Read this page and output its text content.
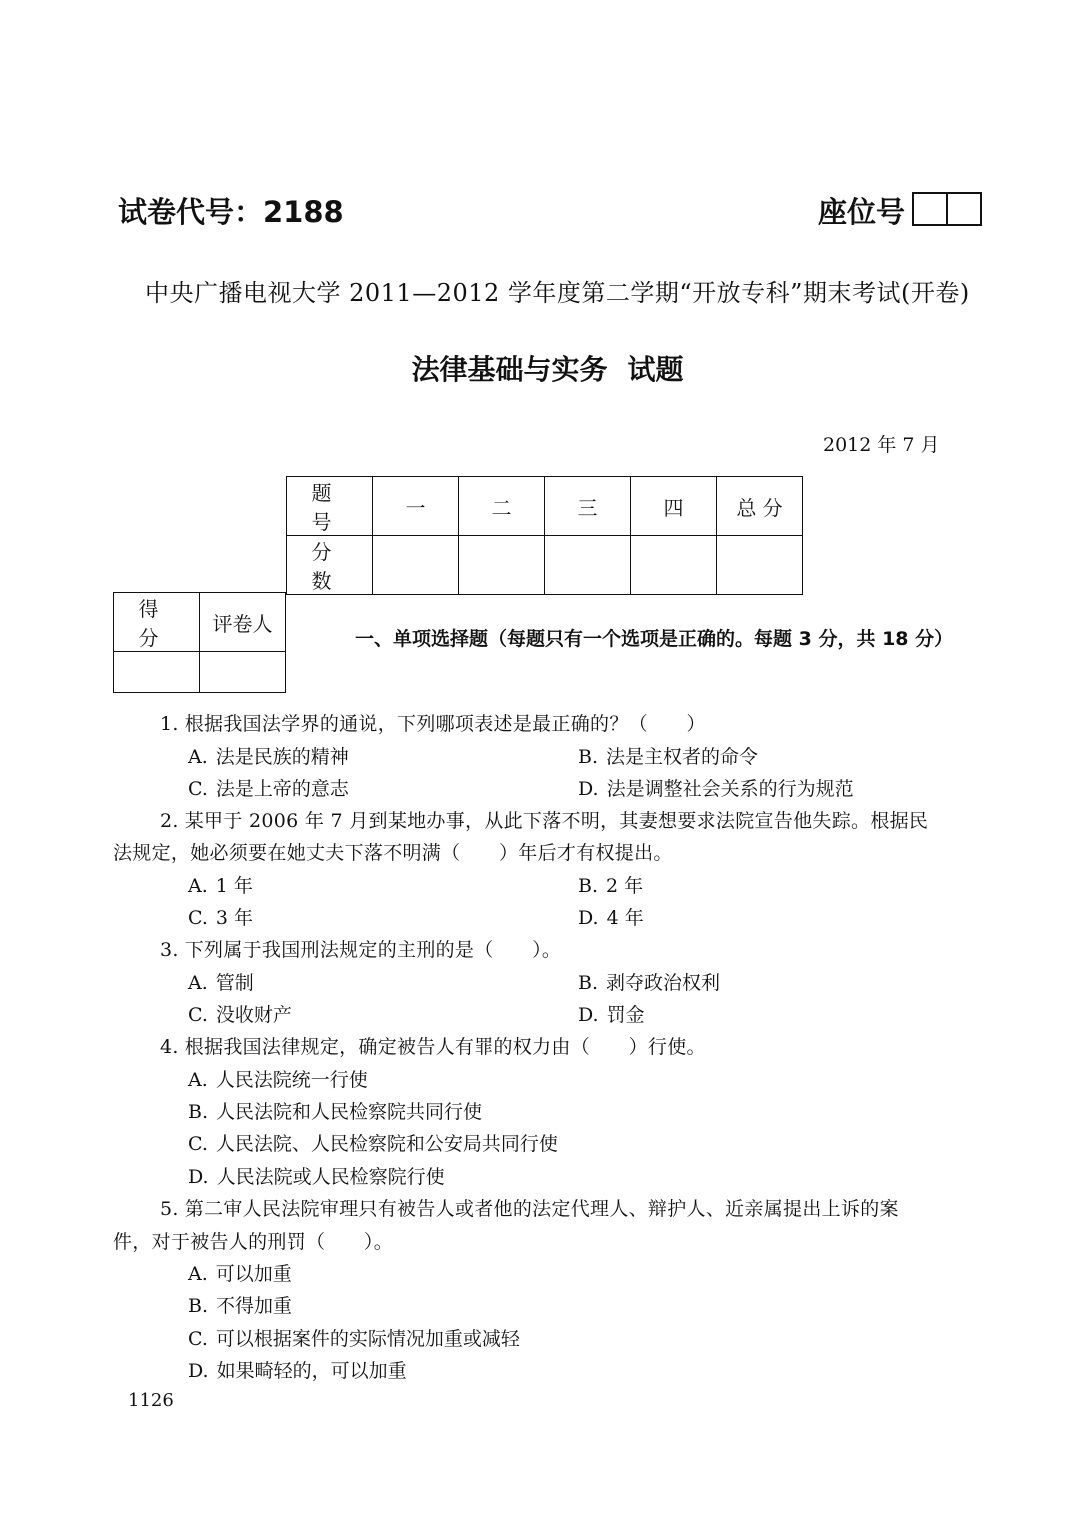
试卷代号：2188	座位号
中央广播电视大学 2011—2012 学年度第二学期“开放专科”期末考试(开卷)
法律基础与实务 试题
2012 年 7 月
题 号	一	二	三	四	总 分
分 数					
得 分	评卷人

一、单项选择题（每题只有一个选项是正确的。每题 3 分，共 18 分）
1. 根据我国法学界的通说，下列哪项表述是最正确的？（　　）
A. 法是民族的精神	B. 法是主权者的命令
C. 法是上帝的意志	D. 法是调整社会关系的行为规范
2. 某甲于 2006 年 7 月到某地办事，从此下落不明，其妻想要求法院宣告他失踪。根据民
法规定，她必须要在她丈夫下落不明满（　　）年后才有权提出。
A. 1 年	B. 2 年
C. 3 年	D. 4 年
3. 下列属于我国刑法规定的主刑的是（　　）。
A. 管制	B. 剥夺政治权利
C. 没收财产	D. 罚金
4. 根据我国法律规定，确定被告人有罪的权力由（　　）行使。
A. 人民法院统一行使
B. 人民法院和人民检察院共同行使
C. 人民法院、人民检察院和公安局共同行使
D. 人民法院或人民检察院行使
5. 第二审人民法院审理只有被告人或者他的法定代理人、辩护人、近亲属提出上诉的案
件，对于被告人的刑罚（　　）。
A. 可以加重
B. 不得加重
C. 可以根据案件的实际情况加重或减轻
D. 如果畸轻的，可以加重
1126
